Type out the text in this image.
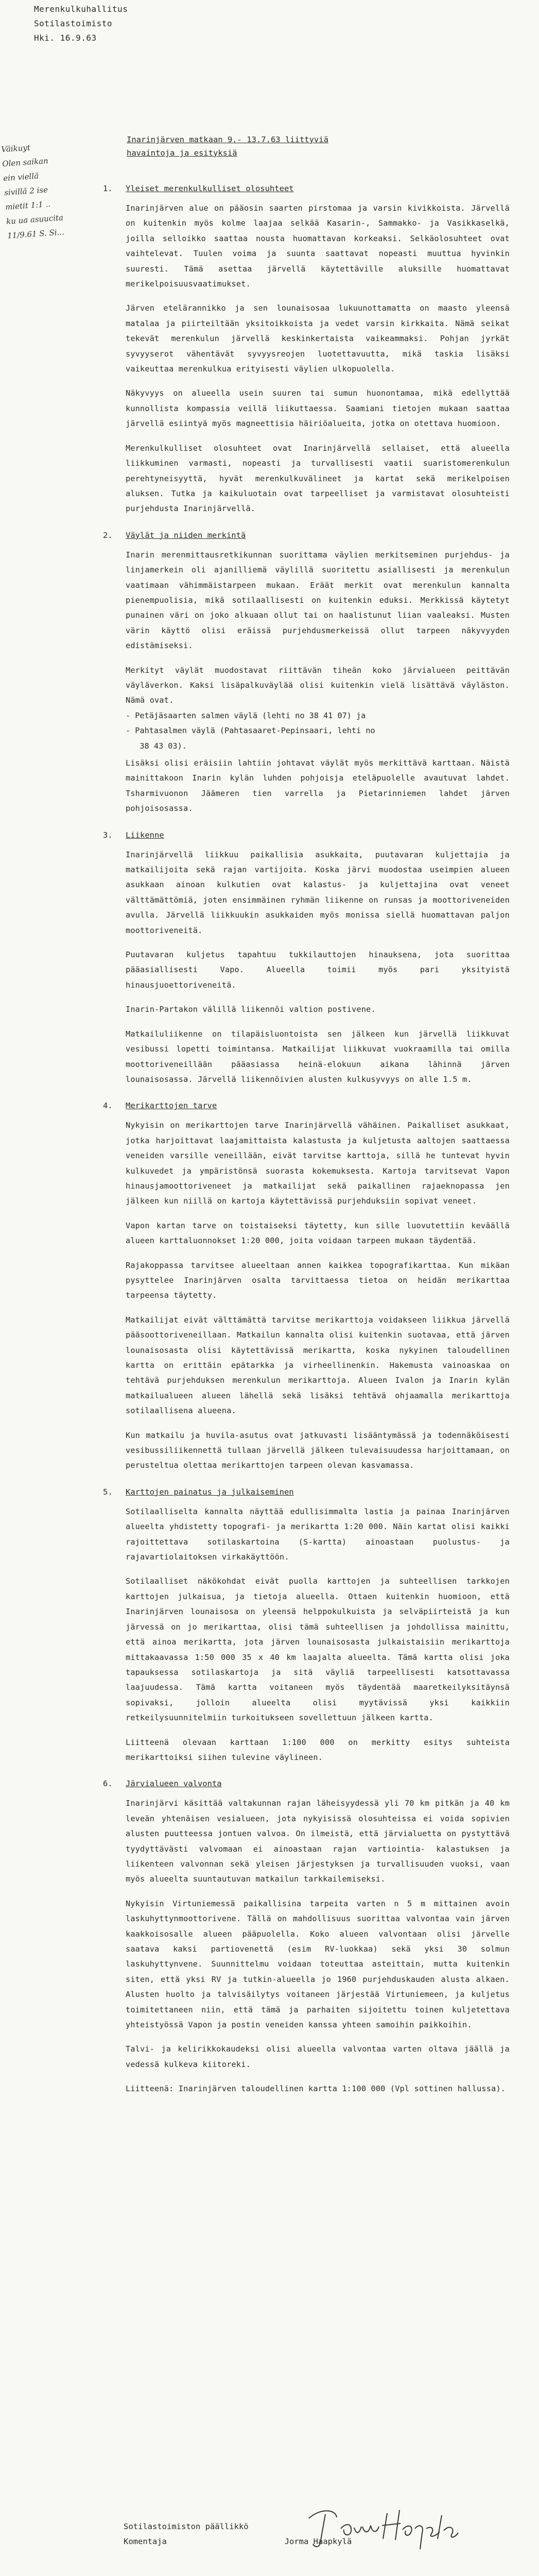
Merenkulkuhallitus
Sotilastoimisto
Hki. 16.9.63
Väikuyt
Olen saikan
ein viellä
sivillä 2 ise
mietit 1:1 ..
ku ua asuucita
11/9.61 S. Si...
Inarinjärven matkaan 9.- 13.7.63 liittyviä
havaintoja ja esityksiä
1. Yleiset merenkulkulliset olosuhteet
Inarinjärven alue on pääosin saarten pirstomaa ja varsin kivikkoista. Järvellä on kuitenkin myös kolme laajaa selkää Kasarin-, Sammakko- ja Vasikkaselkä, joilla selloikko saattaa nousta huomattavan korkeaksi. Selkäolosuhteet ovat vaihtelevat. Tuulen voima ja suunta saattavat nopeasti muuttua hyvinkin suuresti. Tämä asettaa järvellä käytettäville aluksille huomattavat merikelpoisuusvaatimukset.
Järven etelärannikko ja sen lounaisosaa lukuunottamatta on maasto yleensä matalaa ja piirteiltään yksitoikkoista ja vedet varsin kirkkaita. Nämä seikat tekevät merenkulun järvellä keskinkertaista vaikeammaksi. Pohjan jyrkät syvyyserot vähentävät syvyysreojen luotettavuutta, mikä taskia lisäksi vaikeuttaa merenkulkua erityisesti väylien ulkopuolella.
Näkyvyys on alueella usein suuren tai sumun huonontamaa, mikä edellyttää kunnollista kompassia veillä liikuttaessa. Saamiani tietojen mukaan saattaa järvellä esiintyä myös magneettisia häiriöalueita, jotka on otettava huomioon.
Merenkulkulliset olosuhteet ovat Inarinjärvellä sellaiset, että alueella liikkuminen varmasti, nopeasti ja turvallisesti vaatii suaristomerenkulun perehtyneisyyttä, hyvät merenkulkuvälineet ja kartat sekä merikelpoisen aluksen. Tutka ja kaikuluotain ovat tarpeelliset ja varmistavat olosuhteisti purjehdusta Inarinjärvellä.
2. Väylät ja niiden merkintä
Inarin merenmittausretkikunnan suorittama väylien merkitseminen purjehdus- ja linjamerkein oli ajanilliemä väylillä suoritettu asiallisesti ja merenkulun vaatimaan vähimmäistarpeen mukaan. Eräät merkit ovat merenkulun kannalta pienempuolisia, mikä sotilaallisesti on kuitenkin eduksi. Merkkissä käytetyt punainen väri on joko alkuaan ollut tai on haalistunut liian vaaleaksi. Musten värin käyttö olisi eräissä purjehdusmerkeissä ollut tarpeen näkyvyyden edistämiseksi.
Merkityt väylät muodostavat riittävän tiheän koko järvialueen peittävän väyläverkon. Kaksi lisäpalkuväylää olisi kuitenkin vielä lisättävä väyläston. Nämä ovat.
- Petäjäsaarten salmen väylä (lehti no 38 41 07) ja
- Pahtasalmen väylä (Pahtasaaret-Pepinsaari, lehti no
38 43 03).
Lisäksi olisi eräisiin lahtiin johtavat väylät myös merkittävä karttaan. Näistä mainittakoon Inarin kylän luhden pohjoisja eteläpuolelle avautuvat lahdet. Tsharmivuonon Jäämeren tien varrella ja Pietarinniemen lahdet järven pohjoisosassa.
3. Liikenne
Inarinjärvellä liikkuu paikallisia asukkaita, puutavaran kuljettajia ja matkailijoita sekä rajan vartijoita. Koska järvi muodostaa useimpien alueen asukkaan ainoan kulkutien ovat kalastus- ja kuljettajina ovat veneet välttämättömiä, joten ensimmäinen ryhmän liikenne on runsas ja moottoriveneiden avulla. Järvellä liikkuukin asukkaiden myös monissa siellä huomattavan paljon moottoriveneitä.
Puutavaran kuljetus tapahtuu tukkilauttojen hinauksena, jota suorittaa pääasiallisesti Vapo. Alueella toimii myös pari yksityistä hinausjuoettoriveneitä.
Inarin-Partakon välillä liikennöi valtion postivene.
Matkailuliikenne on tilapäisluontoista sen jälkeen kun järvellä liikkuvat vesibussi lopetti toimintansa. Matkailijat liikkuvat vuokraamilla tai omilla moottoriveneillään pääasiassa heinä-elokuun aikana lähinnä järven lounaisosassa. Järvellä liikennöivien alusten kulkusyvyys on alle 1.5 m.
4. Merikarttojen tarve
Nykyisin on merikarttojen tarve Inarinjärvellä vähäinen. Paikalliset asukkaat, jotka harjoittavat laajamittaista kalastusta ja kuljetusta aaltojen saattaessa veneiden varsille veneillään, eivät tarvitse karttoja, sillä he tuntevat hyvin kulkuvedet ja ympäristönsä suorasta kokemuksesta. Kartoja tarvitsevat Vapon hinausjamoottoriveneet ja matkailijat sekä paikallinen rajaeknopassa jen jälkeen kun niillä on kartoja käytettävissä purjehduksiin sopivat veneet.
Vapon kartan tarve on toistaiseksi täytetty, kun sille luovutettiin keväällä alueen karttaluonnokset 1:20 000, joita voidaan tarpeen mukaan täydentää.
Rajakoppassa tarvitsee alueeltaan annen kaikkea topografikarttaa. Kun mikäan pysyttelee Inarinjärven osalta tarvittaessa tietoa on heidän merikarttaa tarpeensa täytetty.
Matkailijat eivät välttämättä tarvitse merikarttoja voidakseen liikkua järvellä pääsoottoriveneillaan. Matkailun kannalta olisi kuitenkin suotavaa, että järven lounaisosasta olisi käytettävissä merikartta, koska nykyinen taloudellinen kartta on erittäin epätarkka ja virheellinenkin. Hakemusta vainoaskaa on tehtävä purjehduksen merenkulun merikarttoja. Alueen Ivalon ja Inarin kylän matkailualueen alueen lähellä sekä lisäksi tehtävä ohjaamalla merikarttoja sotilaallisena alueena.
Kun matkailu ja huvila-asutus ovat jatkuvasti lisääntymässä ja todennäköisesti vesibussiliikennettä tullaan järvellä jälkeen tulevaisuudessa harjoittamaan, on perusteltua olettaa merikarttojen tarpeen olevan kasvamassa.
5. Karttojen painatus ja julkaiseminen
Sotilaalliselta kannalta näyttää edullisimmalta lastia ja painaa Inarinjärven alueelta yhdistetty topografi- ja merikartta 1:20 000. Näin kartat olisi kaikki rajoittettava sotilaskartoina (S-kartta) ainoastaan puolustus- ja rajavartiolaitoksen virkakäyttöön.
Sotilaalliset näkökohdat eivät puolla karttojen ja suhteellisen tarkkojen karttojen julkaisua, ja tietoja alueella. Ottaen kuitenkin huomioon, että Inarinjärven lounaisosa on yleensä helppokulkuista ja selväpiirteistä ja kun järvessä on jo merikarttaa, olisi tämä suhteellisen ja johdollissa mainittu, että ainoa merikartta, jota järven lounaisosasta julkaistaisiin merikarttoja mittakaavassa 1:50 000 35 x 40 km laajalta alueelta. Tämä kartta olisi joka tapauksessa sotilaskartoja ja sitä väyliä tarpeellisesti katsottavassa laajuudessa. Tämä kartta voitaneen myös täydentää maaretkeilyksitäynsä sopivaksi, jolloin alueelta olisi myytävissä yksi kaikkiin retkeilysuunnitelmiin turkoitukseen sovellettuun jälkeen kartta.
Liitteenä olevaan karttaan 1:100 000 on merkitty esitys suhteista merikarttoiksi siihen tulevine väylineen.
6. Järvialueen valvonta
Inarinjärvi käsittää valtakunnan rajan läheisyydessä yli 70 km pitkän ja 40 km leveän yhtenäisen vesialueen, jota nykyisissä olosuhteissa ei voida sopivien alusten puutteessa jontuen valvoa. On ilmeistä, että järvialuetta on pystyttävä tyydyttävästi valvomaan ei ainoastaan rajan vartiointia- kalastuksen ja liikenteen valvonnan sekä yleisen järjestyksen ja turvallisuuden vuoksi, vaan myös alueelta suuntautuvan matkailun tarkkailemiseksi.
Nykyisin Virtuniemessä paikallisina tarpeita varten n 5 m mittainen avoin laskuhyttynmoottorivene. Tällä on mahdollisuus suorittaa valvontaa vain järven kaakkoisosalle alueen pääpuolella. Koko alueen valvontaan olisi järvelle saatava kaksi partiovenettä (esim RV-luokkaa) sekä yksi 30 solmun laskuhyttynvene. Suunnittelmu voidaan toteuttaa asteittain, mutta kuitenkin siten, että yksi RV ja tutkin-alueella jo 1960 purjehduskauden alusta alkaen. Alusten huolto ja talvisäilytys voitaneen järjestää Virtuniemeen, ja kuljetus toimitettaneen niin, että tämä ja parhaiten sijoitettu toinen kuljetettava yhteistyössä Vapon ja postin veneiden kanssa yhteen samoihin paikkoihin.
Talvi- ja kelirikkokaudeksi olisi alueella valvontaa varten oltava jäällä ja vedessä kulkeva kiitoreki.
Liitteenä: Inarinjärven taloudellinen kartta 1:100 000 (Vpl sottinen hallussa).
Jorma Haapkylä
Sotilastoimiston päällikkö
Komentaja	Jorma Haapkylä
